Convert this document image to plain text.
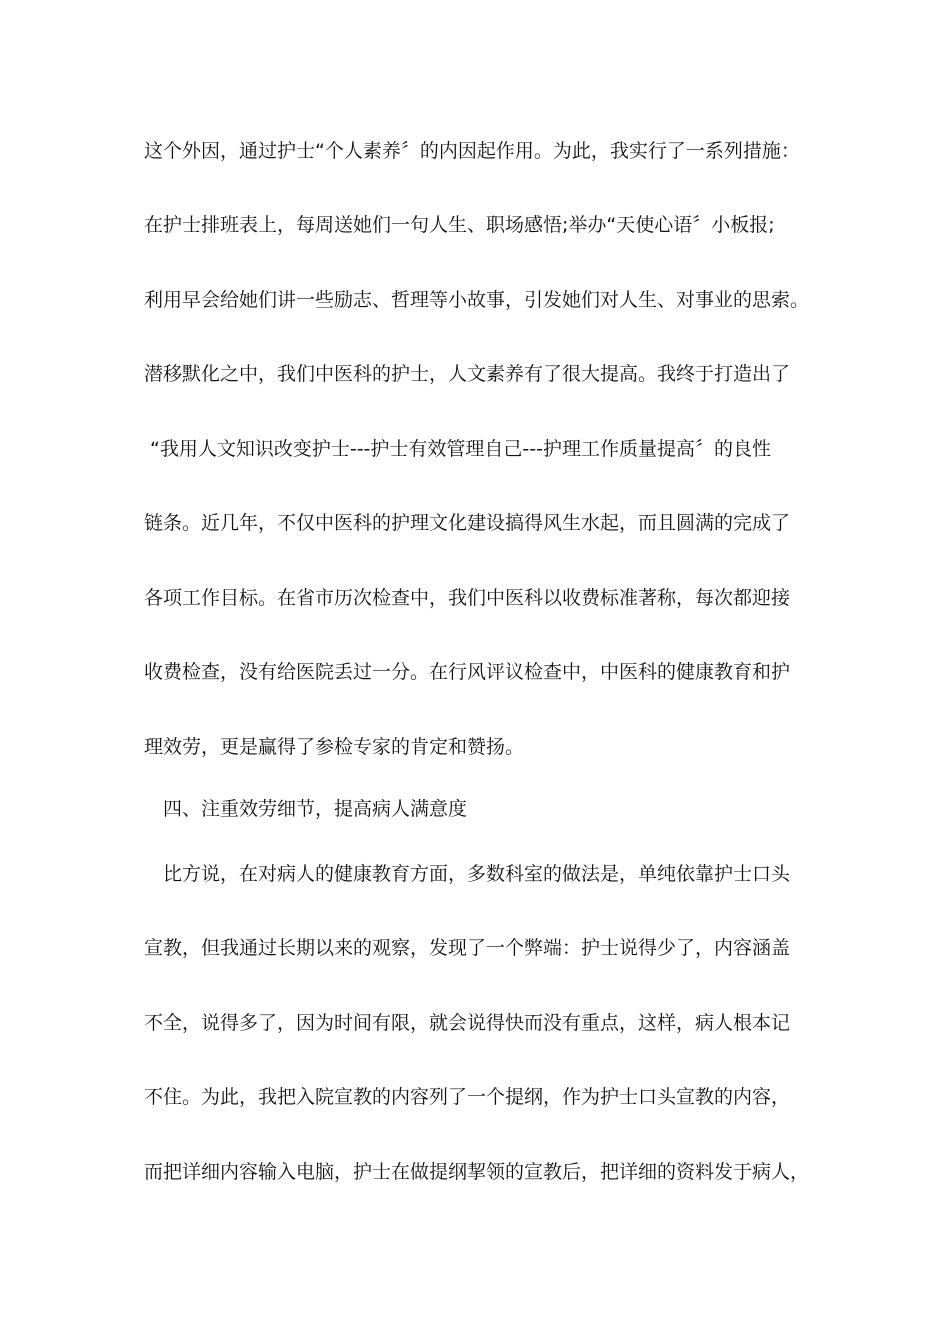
这个外因，通过护士“个人素养〞的内因起作用。为此，我实行了一系列措施：
在护士排班表上，每周送她们一句人生、职场感悟;举办“天使心语〞小板报;
利用早会给她们讲一些励志、哲理等小故事，引发她们对人生、对事业的思索。
潜移默化之中，我们中医科的护士，人文素养有了很大提高。我终于打造出了
“我用人文知识改变护士---护士有效管理自己---护理工作质量提高〞的良性
链条。近几年，不仅中医科的护理文化建设搞得风生水起，而且圆满的完成了
各项工作目标。在省市历次检查中，我们中医科以收费标准著称，每次都迎接
收费检查，没有给医院丢过一分。在行风评议检查中，中医科的健康教育和护
理效劳，更是赢得了参检专家的肯定和赞扬。
四、注重效劳细节，提高病人满意度
比方说，在对病人的健康教育方面，多数科室的做法是，单纯依靠护士口头
宣教，但我通过长期以来的观察，发现了一个弊端：护士说得少了，内容涵盖
不全，说得多了，因为时间有限，就会说得快而没有重点，这样，病人根本记
不住。为此，我把入院宣教的内容列了一个提纲，作为护士口头宣教的内容，
而把详细内容输入电脑，护士在做提纲挈领的宣教后，把详细的资料发于病人，
